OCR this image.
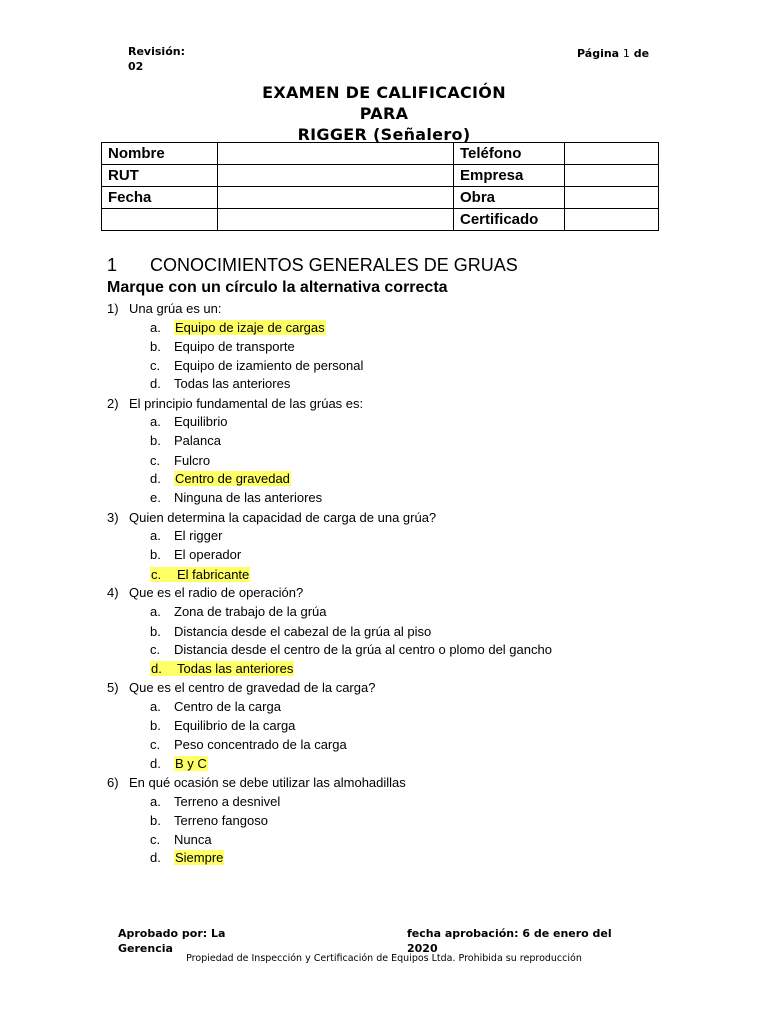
Revisión:
02
Página 1 de
EXAMEN DE CALIFICACIÓN
PARA
RIGGER (Señalero)
Nombre		Teléfono	
RUT		Empresa	
Fecha		Obra	
		Certificado	
1 CONOCIMIENTOS GENERALES DE GRUAS
Marque con un círculo la alternativa correcta
1) Una grúa es un:
a. Equipo de izaje de cargas
b. Equipo de transporte
c. Equipo de izamiento de personal
d. Todas las anteriores
2) El principio fundamental de las grúas es:
a. Equilibrio
b. Palanca
c. Fulcro
d. Centro de gravedad
e. Ninguna de las anteriores
3) Quien determina la capacidad de carga de una grúa?
a. El rigger
b. El operador
c. El fabricante
4) Que es el radio de operación?
a. Zona de trabajo de la grúa
b. Distancia desde el cabezal de la grúa al piso
c. Distancia desde el centro de la grúa al centro o plomo del gancho
d. Todas las anteriores
5) Que es el centro de gravedad de la carga?
a. Centro de la carga
b. Equilibrio de la carga
c. Peso concentrado de la carga
d. B y C
6) En qué ocasión se debe utilizar las almohadillas
a. Terreno a desnivel
b. Terreno fangoso
c. Nunca
d. Siempre
Aprobado por: La Gerencia
fecha aprobación: 6 de enero del 2020
Propiedad de Inspección y Certificación de Equipos Ltda. Prohibida su reproducción
